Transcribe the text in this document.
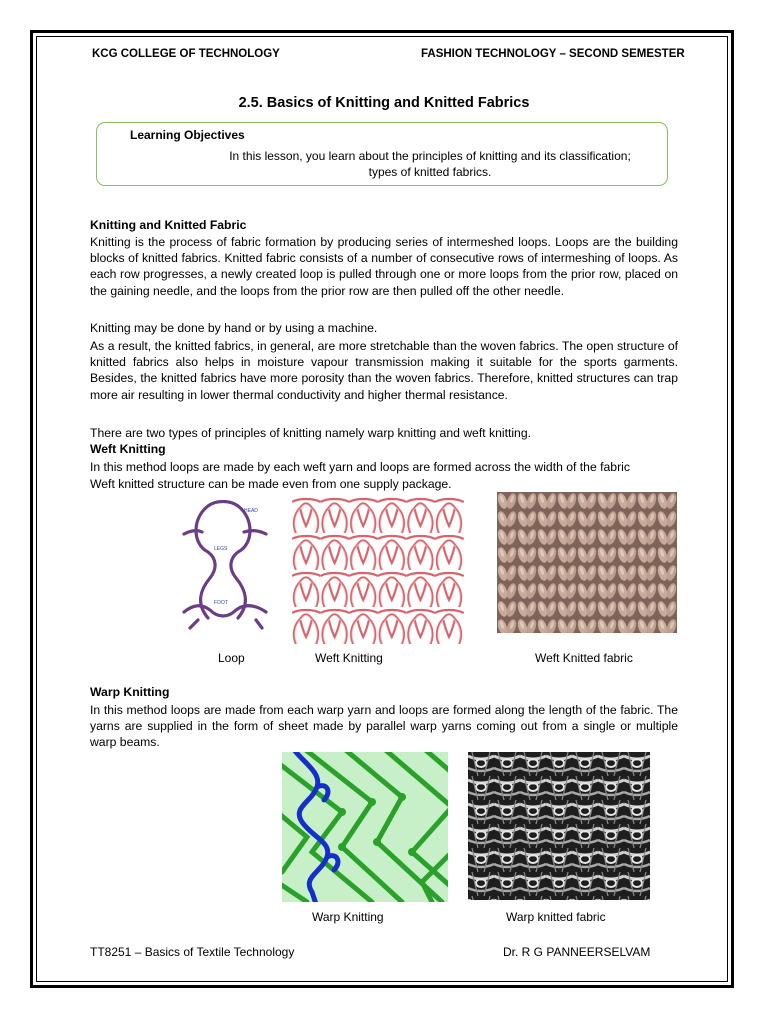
KCG COLLEGE OF TECHNOLOGY	FASHION TECHNOLOGY – SECOND SEMESTER
2.5. Basics of Knitting and Knitted Fabrics
Learning Objectives
In this lesson, you learn about the principles of knitting and its classification;
types of knitted fabrics.
Knitting and Knitted Fabric
Knitting is the process of fabric formation by producing series of intermeshed loops. Loops are the building blocks of knitted fabrics. Knitted fabric consists of a number of consecutive rows of intermeshing of loops. As each row progresses, a newly created loop is pulled through one or more loops from the prior row, placed on the gaining needle, and the loops from the prior row are then pulled off the other needle.
Knitting may be done by hand or by using a machine.
As a result, the knitted fabrics, in general, are more stretchable than the woven fabrics. The open structure of knitted fabrics also helps in moisture vapour transmission making it suitable for the sports garments. Besides, the knitted fabrics have more porosity than the woven fabrics. Therefore, knitted structures can trap more air resulting in lower thermal conductivity and higher thermal resistance.
There are two types of principles of knitting namely warp knitting and weft knitting.
Weft Knitting
In this method loops are made by each weft yarn and loops are formed across the width of the fabric
Weft knitted structure can be made even from one supply package.
HEAD
LEGS
FOOT
Loop	Weft Knitting	Weft Knitted fabric
Warp Knitting
In this method loops are made from each warp yarn and loops are formed along the length of the fabric. The yarns are supplied in the form of sheet made by parallel warp yarns coming out from a single or multiple warp beams.
Warp Knitting	Warp knitted fabric
TT8251 – Basics of Textile Technology	Dr. R G PANNEERSELVAM
